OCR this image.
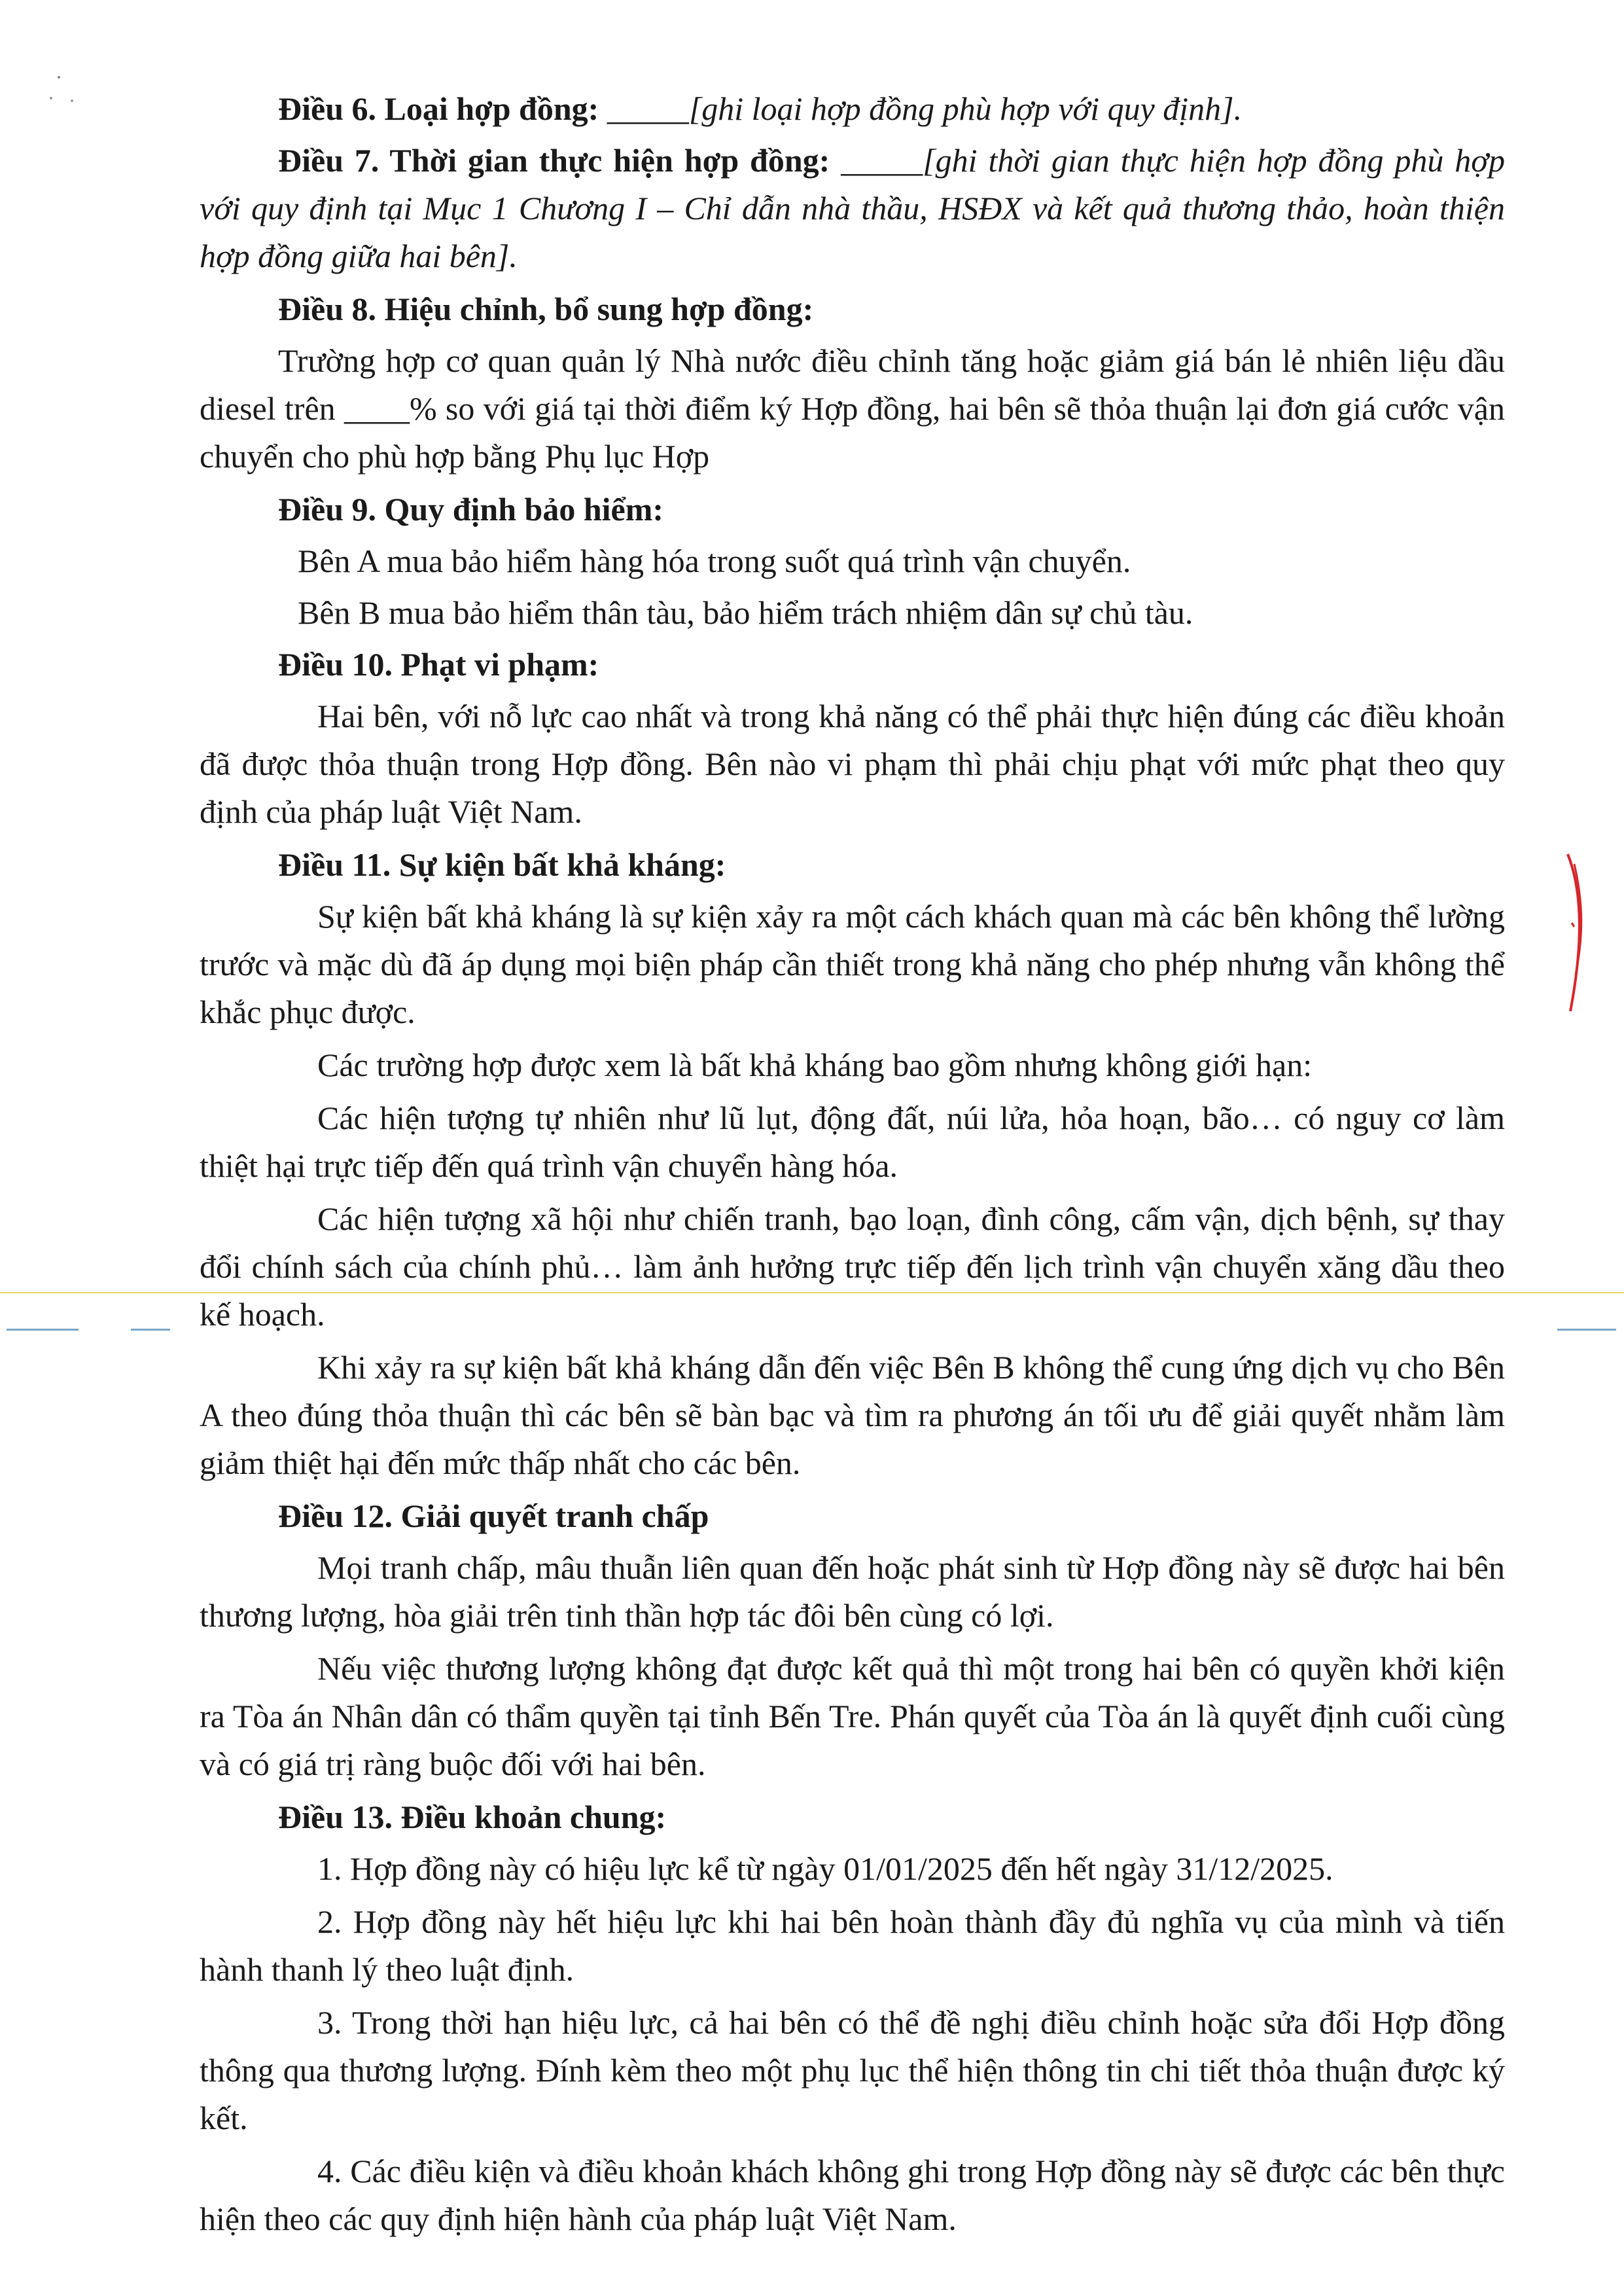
Điều 6. Loại hợp đồng: _____[ghi loại hợp đồng phù hợp với quy định].

Điều 7. Thời gian thực hiện hợp đồng: _____[ghi thời gian thực hiện hợp đồng phù hợp với quy định tại Mục 1 Chương I – Chỉ dẫn nhà thầu, HSĐX và kết quả thương thảo, hoàn thiện hợp đồng giữa hai bên].

Điều 8. Hiệu chỉnh, bổ sung hợp đồng:

Trường hợp cơ quan quản lý Nhà nước điều chỉnh tăng hoặc giảm giá bán lẻ nhiên liệu dầu diesel trên ____% so với giá tại thời điểm ký Hợp đồng, hai bên sẽ thỏa thuận lại đơn giá cước vận chuyển cho phù hợp bằng Phụ lục Hợp

Điều 9. Quy định bảo hiểm:

Bên A mua bảo hiểm hàng hóa trong suốt quá trình vận chuyển.

Bên B mua bảo hiểm thân tàu, bảo hiểm trách nhiệm dân sự chủ tàu.

Điều 10. Phạt vi phạm:

Hai bên, với nỗ lực cao nhất và trong khả năng có thể phải thực hiện đúng các điều khoản đã được thỏa thuận trong Hợp đồng. Bên nào vi phạm thì phải chịu phạt với mức phạt theo quy định của pháp luật Việt Nam.

Điều 11. Sự kiện bất khả kháng:

Sự kiện bất khả kháng là sự kiện xảy ra một cách khách quan mà các bên không thể lường trước và mặc dù đã áp dụng mọi biện pháp cần thiết trong khả năng cho phép nhưng vẫn không thể khắc phục được.

Các trường hợp được xem là bất khả kháng bao gồm nhưng không giới hạn:

Các hiện tượng tự nhiên như lũ lụt, động đất, núi lửa, hỏa hoạn, bão… có nguy cơ làm thiệt hại trực tiếp đến quá trình vận chuyển hàng hóa.

Các hiện tượng xã hội như chiến tranh, bạo loạn, đình công, cấm vận, dịch bệnh, sự thay đổi chính sách của chính phủ… làm ảnh hưởng trực tiếp đến lịch trình vận chuyển xăng dầu theo kế hoạch.

Khi xảy ra sự kiện bất khả kháng dẫn đến việc Bên B không thể cung ứng dịch vụ cho Bên A theo đúng thỏa thuận thì các bên sẽ bàn bạc và tìm ra phương án tối ưu để giải quyết nhằm làm giảm thiệt hại đến mức thấp nhất cho các bên.

Điều 12. Giải quyết tranh chấp

Mọi tranh chấp, mâu thuẫn liên quan đến hoặc phát sinh từ Hợp đồng này sẽ được hai bên thương lượng, hòa giải trên tinh thần hợp tác đôi bên cùng có lợi.

Nếu việc thương lượng không đạt được kết quả thì một trong hai bên có quyền khởi kiện ra Tòa án Nhân dân có thẩm quyền tại tỉnh Bến Tre. Phán quyết của Tòa án là quyết định cuối cùng và có giá trị ràng buộc đối với hai bên.

Điều 13. Điều khoản chung:

1. Hợp đồng này có hiệu lực kể từ ngày 01/01/2025 đến hết ngày 31/12/2025.

2. Hợp đồng này hết hiệu lực khi hai bên hoàn thành đầy đủ nghĩa vụ của mình và tiến hành thanh lý theo luật định.

3. Trong thời hạn hiệu lực, cả hai bên có thể đề nghị điều chỉnh hoặc sửa đổi Hợp đồng thông qua thương lượng. Đính kèm theo một phụ lục thể hiện thông tin chi tiết thỏa thuận được ký kết.

4. Các điều kiện và điều khoản khách không ghi trong Hợp đồng này sẽ được các bên thực hiện theo các quy định hiện hành của pháp luật Việt Nam.
